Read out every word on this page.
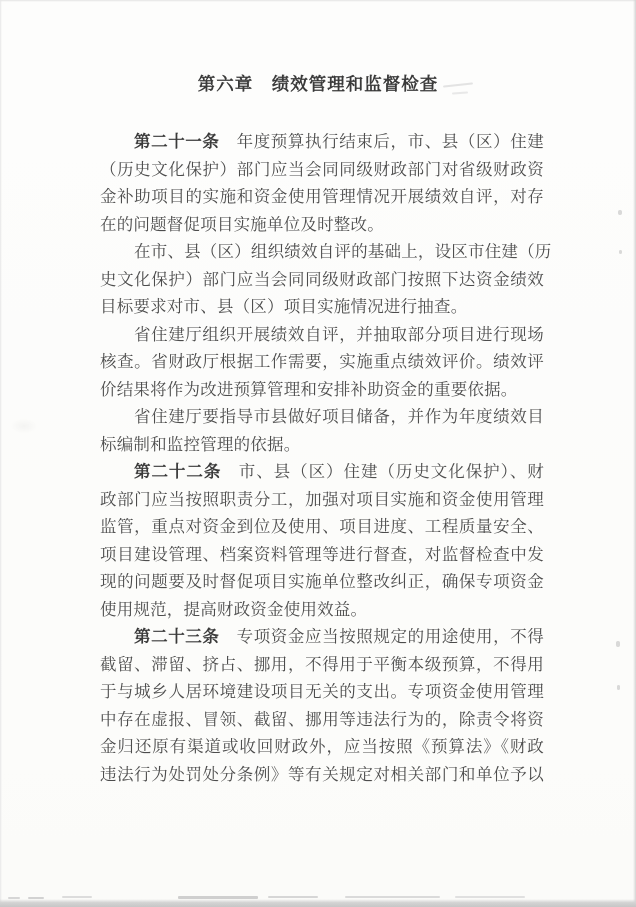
第六章　绩效管理和监督检查
第二十一条　年度预算执行结束后，市、县（区）住建
（历史文化保护）部门应当会同同级财政部门对省级财政资
金补助项目的实施和资金使用管理情况开展绩效自评，对存
在的问题督促项目实施单位及时整改。
在市、县（区）组织绩效自评的基础上，设区市住建（历
史文化保护）部门应当会同同级财政部门按照下达资金绩效
目标要求对市、县（区）项目实施情况进行抽查。
省住建厅组织开展绩效自评，并抽取部分项目进行现场
核查。省财政厅根据工作需要，实施重点绩效评价。绩效评
价结果将作为改进预算管理和安排补助资金的重要依据。
省住建厅要指导市县做好项目储备，并作为年度绩效目
标编制和监控管理的依据。
第二十二条　市、县（区）住建（历史文化保护）、财
政部门应当按照职责分工，加强对项目实施和资金使用管理
监管，重点对资金到位及使用、项目进度、工程质量安全、
项目建设管理、档案资料管理等进行督查，对监督检查中发
现的问题要及时督促项目实施单位整改纠正，确保专项资金
使用规范，提高财政资金使用效益。
第二十三条　专项资金应当按照规定的用途使用，不得
截留、滞留、挤占、挪用，不得用于平衡本级预算，不得用
于与城乡人居环境建设项目无关的支出。专项资金使用管理
中存在虚报、冒领、截留、挪用等违法行为的，除责令将资
金归还原有渠道或收回财政外，应当按照《预算法》《财政
违法行为处罚处分条例》等有关规定对相关部门和单位予以
